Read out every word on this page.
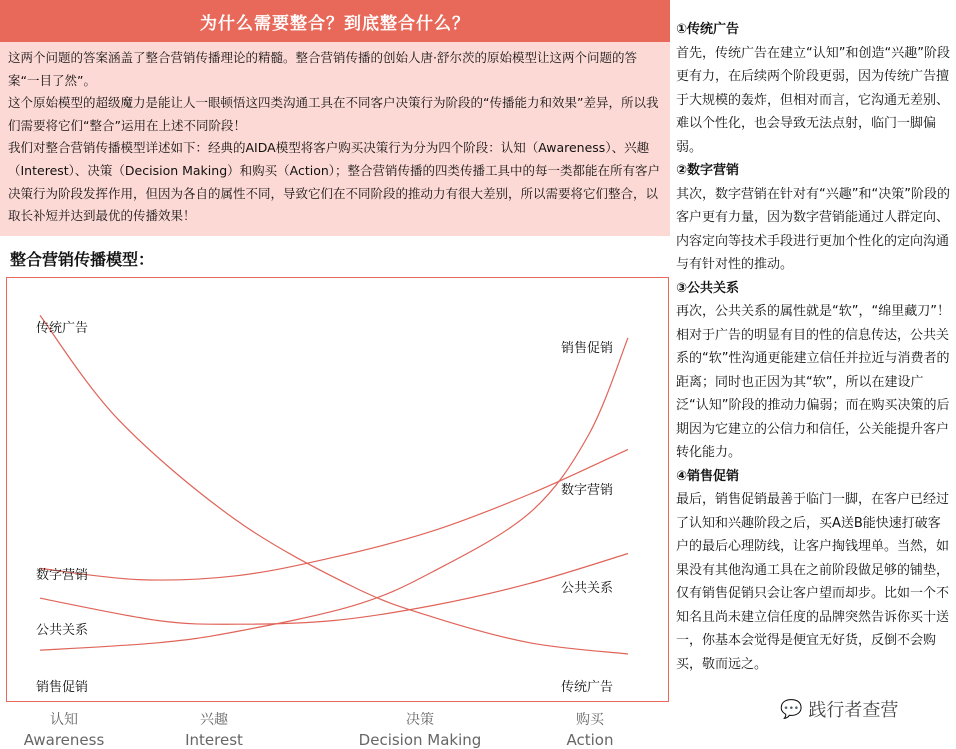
为什么需要整合？到底整合什么？

这两个问题的答案涵盖了整合营销传播理论的精髓。整合营销传播的创始人唐·舒尔茨的原始模型让这两个问题的答案“一目了然”。

这个原始模型的超级魔力是能让人一眼顿悟这四类沟通工具在不同客户决策行为阶段的“传播能力和效果”差异，所以我们需要将它们“整合”运用在上述不同阶段！

我们对整合营销传播模型详述如下：经典的AIDA模型将客户购买决策行为分为四个阶段：认知（Awareness）、兴趣（Interest）、决策（Decision Making）和购买（Action）；整合营销传播的四类传播工具中的每一类都能在所有客户决策行为阶段发挥作用，但因为各自的属性不同，导致它们在不同阶段的推动力有很大差别，所以需要将它们整合，以取长补短并达到最优的传播效果！

整合营销传播模型：
传统广告
数字营销
公共关系
销售促销
销售促销
数字营销
公共关系
传统广告
认知
Awareness
兴趣
Interest
决策
Decision Making
购买
Action

①传统广告

首先，传统广告在建立“认知”和创造“兴趣”阶段更有力，在后续两个阶段更弱，因为传统广告擅于大规模的轰炸，但相对而言，它沟通无差别、难以个性化，也会导致无法点射，临门一脚偏弱。

②数字营销

其次，数字营销在针对有“兴趣”和“决策”阶段的客户更有力量，因为数字营销能通过人群定向、内容定向等技术手段进行更加个性化的定向沟通与有针对性的推动。

③公共关系

再次，公共关系的属性就是“软”，“绵里藏刀”！相对于广告的明显有目的性的信息传达，公共关系的“软”性沟通更能建立信任并拉近与消费者的距离；同时也正因为其“软”，所以在建设广泛“认知”阶段的推动力偏弱；而在购买决策的后期因为它建立的公信力和信任，公关能提升客户转化能力。

④销售促销

最后，销售促销最善于临门一脚，在客户已经过了认知和兴趣阶段之后，买A送B能快速打破客户的最后心理防线，让客户掏钱埋单。当然，如果没有其他沟通工具在之前阶段做足够的铺垫，仅有销售促销只会让客户望而却步。比如一个不知名且尚未建立信任度的品牌突然告诉你买十送一，你基本会觉得是便宜无好货，反倒不会购买，敬而远之。

💬 践行者查营
